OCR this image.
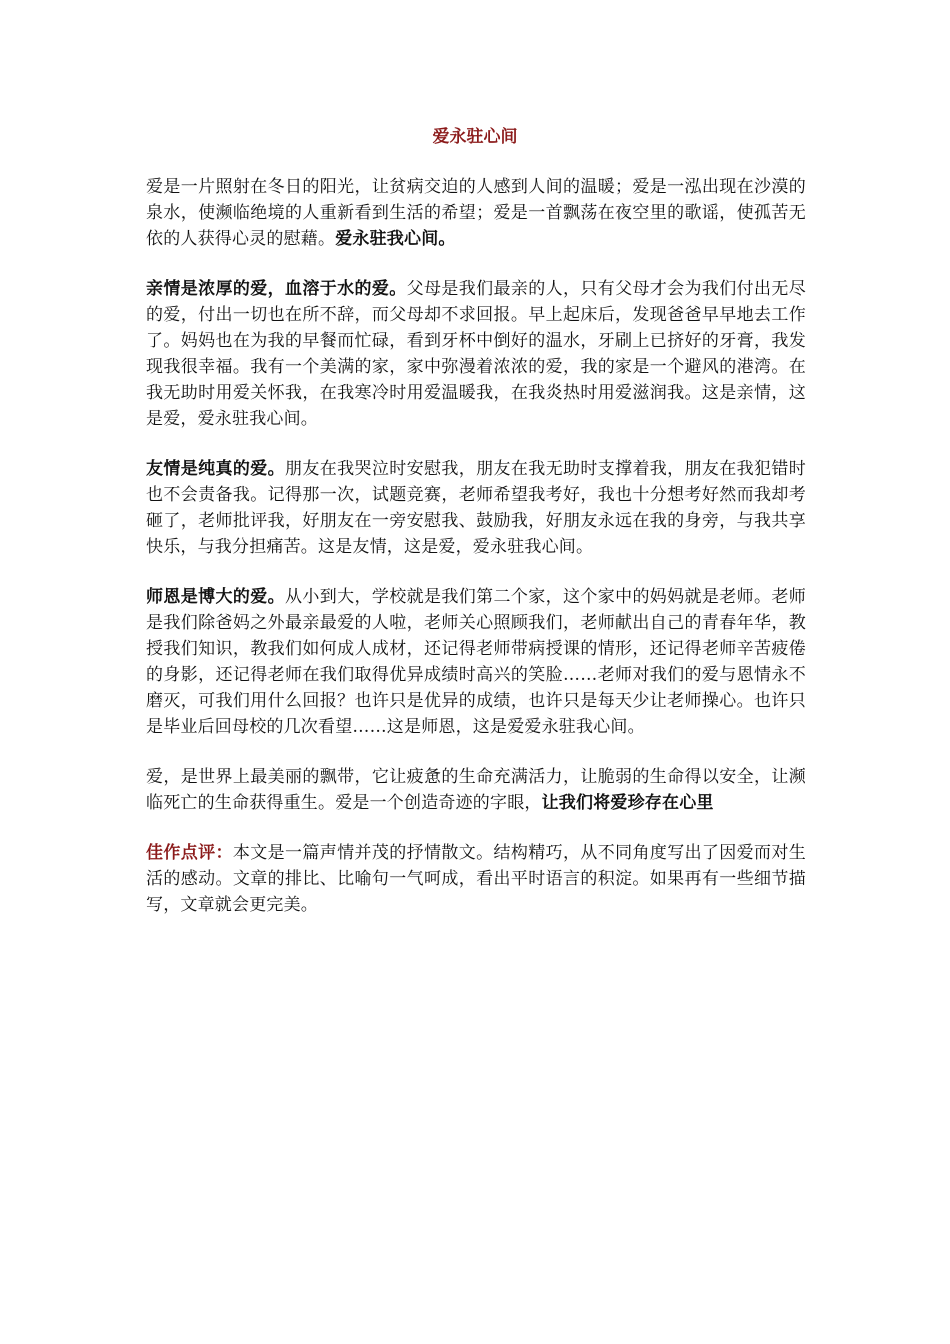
爱永驻心间

爱是一片照射在冬日的阳光，让贫病交迫的人感到人间的温暖；爱是一泓出现在沙漠的泉水，使濒临绝境的人重新看到生活的希望；爱是一首飘荡在夜空里的歌谣，使孤苦无依的人获得心灵的慰藉。爱永驻我心间。

亲情是浓厚的爱，血溶于水的爱。父母是我们最亲的人，只有父母才会为我们付出无尽的爱，付出一切也在所不辞，而父母却不求回报。早上起床后，发现爸爸早早地去工作了。妈妈也在为我的早餐而忙碌，看到牙杯中倒好的温水，牙刷上已挤好的牙膏，我发现我很幸福。我有一个美满的家，家中弥漫着浓浓的爱，我的家是一个避风的港湾。在我无助时用爱关怀我，在我寒冷时用爱温暖我，在我炎热时用爱滋润我。这是亲情，这是爱，爱永驻我心间。

友情是纯真的爱。朋友在我哭泣时安慰我，朋友在我无助时支撑着我，朋友在我犯错时也不会责备我。记得那一次，试题竞赛，老师希望我考好，我也十分想考好然而我却考砸了，老师批评我，好朋友在一旁安慰我、鼓励我，好朋友永远在我的身旁，与我共享快乐，与我分担痛苦。这是友情，这是爱，爱永驻我心间。

师恩是博大的爱。从小到大，学校就是我们第二个家，这个家中的妈妈就是老师。老师是我们除爸妈之外最亲最爱的人啦，老师关心照顾我们，老师献出自己的青春年华，教授我们知识，教我们如何成人成材，还记得老师带病授课的情形，还记得老师辛苦疲倦的身影，还记得老师在我们取得优异成绩时高兴的笑脸……老师对我们的爱与恩情永不磨灭，可我们用什么回报？也许只是优异的成绩，也许只是每天少让老师操心。也许只是毕业后回母校的几次看望……这是师恩，这是爱爱永驻我心间。

爱，是世界上最美丽的飘带，它让疲惫的生命充满活力，让脆弱的生命得以安全，让濒临死亡的生命获得重生。爱是一个创造奇迹的字眼，让我们将爱珍存在心里

佳作点评：本文是一篇声情并茂的抒情散文。结构精巧，从不同角度写出了因爱而对生活的感动。文章的排比、比喻句一气呵成，看出平时语言的积淀。如果再有一些细节描写，文章就会更完美。
